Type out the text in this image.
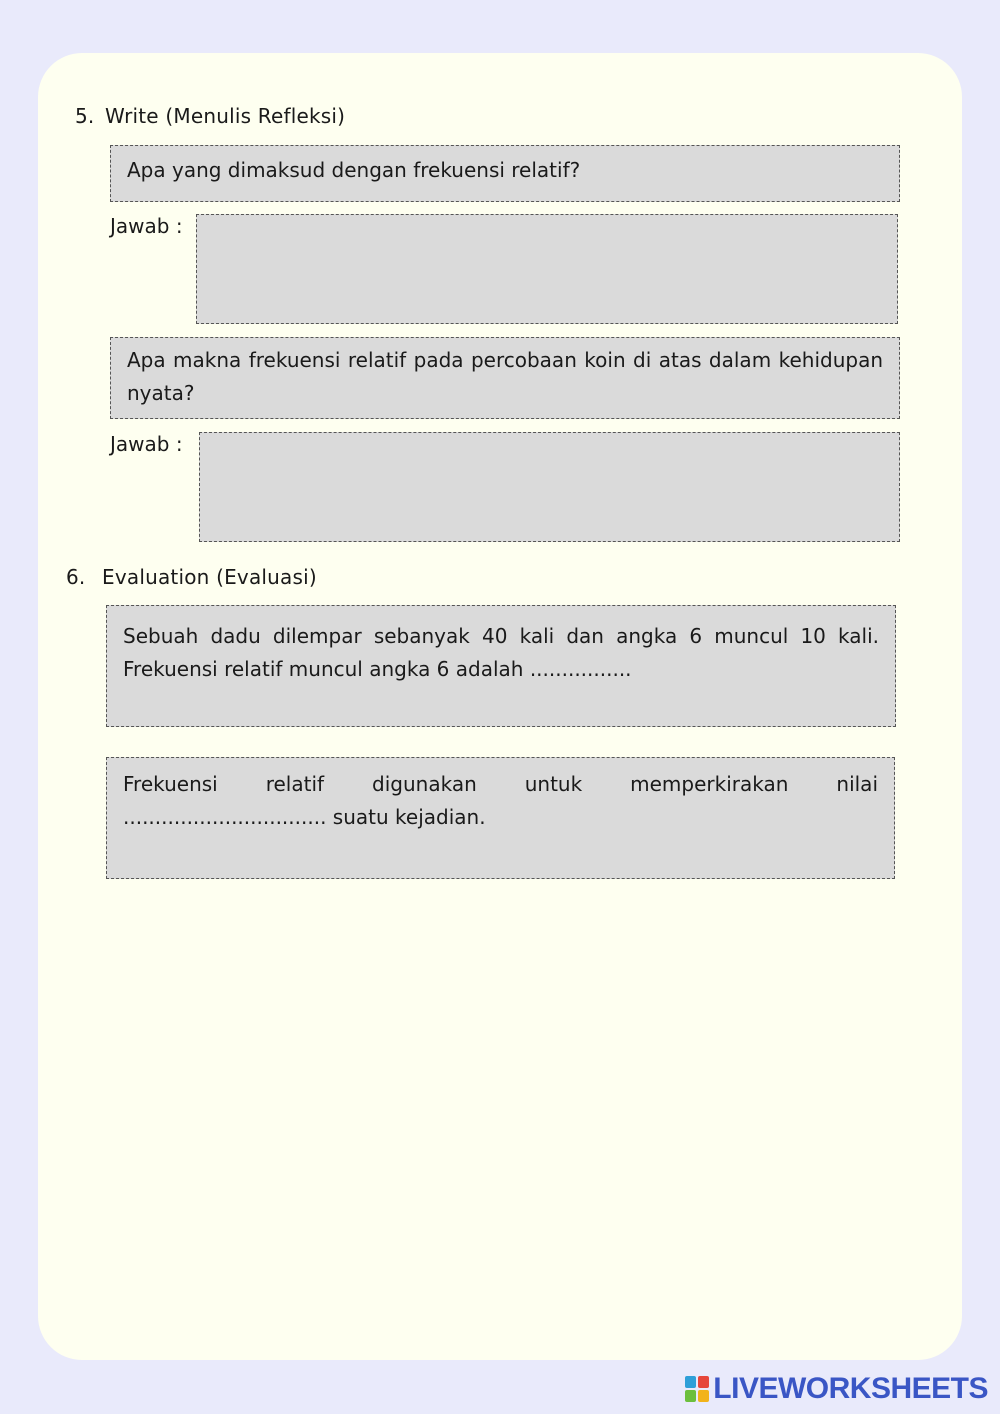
5. Write (Menulis Refleksi)
Apa yang dimaksud dengan frekuensi relatif?
Jawab :
Apa makna frekuensi relatif pada percobaan koin di atas dalam kehidupan nyata?
Jawab :
6. Evaluation (Evaluasi)
Sebuah dadu dilempar sebanyak 40 kali dan angka 6 muncul 10 kali. Frekuensi relatif muncul angka 6 adalah ................
Frekuensi relatif digunakan untuk memperkirakan nilai ................................ suatu kejadian.
LIVEWORKSHEETS
